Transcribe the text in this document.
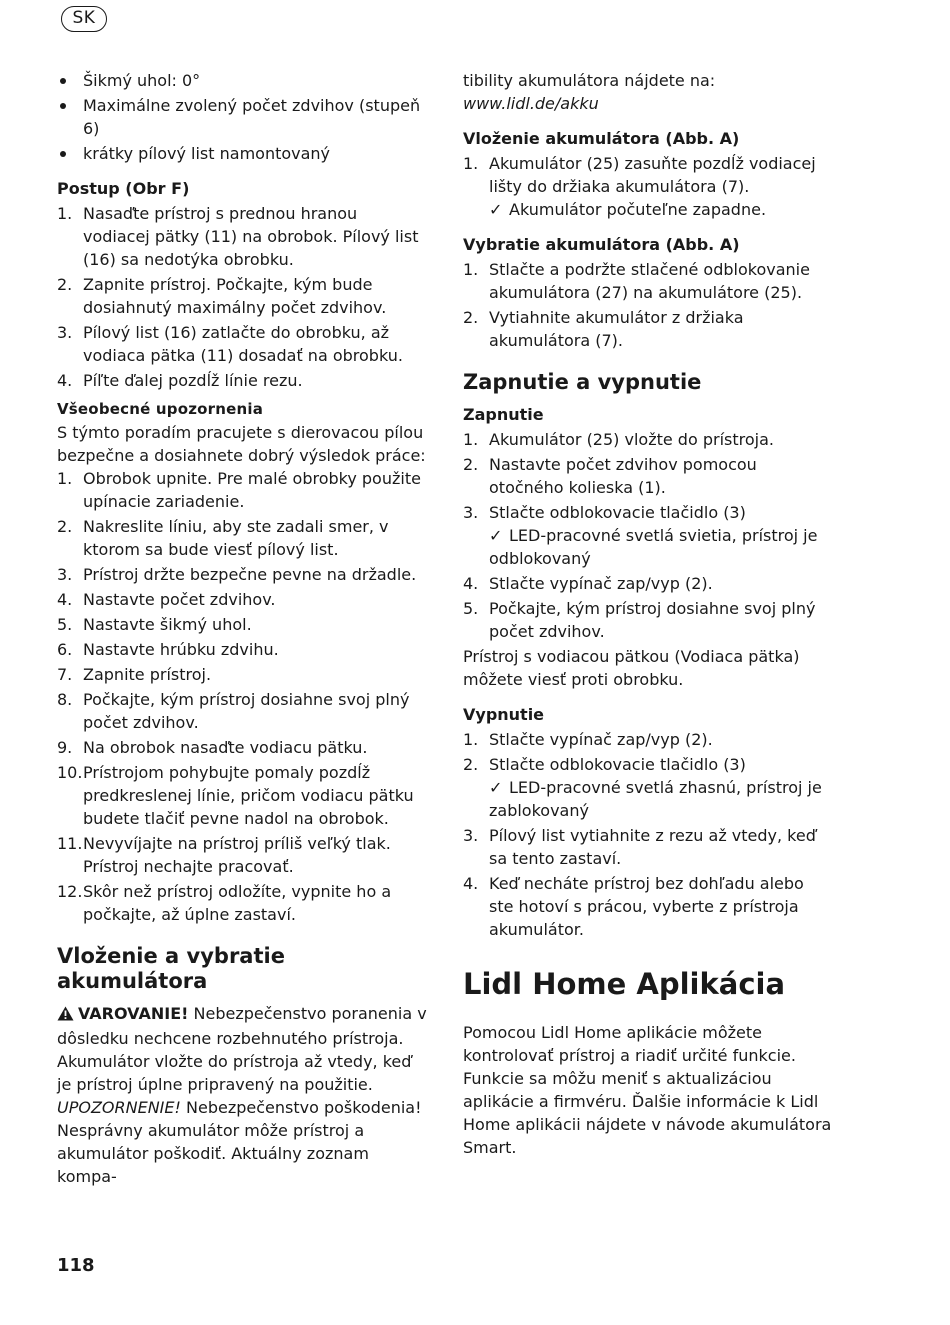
SK
Šikmý uhol: 0°
Maximálne zvolený počet zdvihov (stupeň 6)
krátky pílový list namontovaný
Postup (Obr F)
1. Nasaďte prístroj s prednou hranou vodiacej pätky (11) na obrobok. Pílový list (16) sa nedotýka obrobku.
2. Zapnite prístroj. Počkajte, kým bude dosiahnutý maximálny počet zdvihov.
3. Pílový list (16) zatlačte do obrobku, až vodiaca pätka (11) dosadať na obrobku.
4. Píľte ďalej pozdĺž línie rezu.
Všeobecné upozornenia

S týmto poradím pracujete s dierovacou pílou bezpečne a dosiahnete dobrý výsledok práce:

1. Obrobok upnite. Pre malé obrobky použite upínacie zariadenie.
2. Nakreslite líniu, aby ste zadali smer, v ktorom sa bude viesť pílový list.
3. Prístroj držte bezpečne pevne na držadle.
4. Nastavte počet zdvihov.
5. Nastavte šikmý uhol.
6. Nastavte hrúbku zdvihu.
7. Zapnite prístroj.
8. Počkajte, kým prístroj dosiahne svoj plný počet zdvihov.
9. Na obrobok nasaďte vodiacu pätku.
10. Prístrojom pohybujte pomaly pozdĺž predkreslenej línie, pričom vodiacu pätku budete tlačiť pevne nadol na obrobok.
11. Nevyvíjajte na prístroj príliš veľký tlak. Prístroj nechajte pracovať.
12. Skôr než prístroj odložíte, vypnite ho a počkajte, až úplne zastaví.
Vloženie a vybratie akumulátora

VAROVANIE! Nebezpečenstvo poranenia v dôsledku nechcene rozbehnutého prístroja. Akumulátor vložte do prístroja až vtedy, keď je prístroj úplne pripravený na použitie.

UPOZORNENIE! Nebezpečenstvo poškodenia! Nesprávny akumulátor môže prístroj a akumulátor poškodiť. Aktuálny zoznam kompa-

tibility akumulátora nájdete na: www.lidl.de/akku

Vloženie akumulátora (Abb. A)
1. Akumulátor (25) zasuňte pozdĺž vodiacej lišty do držiaka akumulátora (7).
✓ Akumulátor počuteľne zapadne.
Vybratie akumulátora (Abb. A)
1. Stlačte a podržte stlačené odblokovanie akumulátora (27) na akumulátore (25).
2. Vytiahnite akumulátor z držiaka akumulátora (7).
Zapnutie a vypnutie
Zapnutie
1. Akumulátor (25) vložte do prístroja.
2. Nastavte počet zdvihov pomocou otočného kolieska (1).
3. Stlačte odblokovacie tlačidlo (3)
✓ LED-pracovné svetlá svietia, prístroj je odblokovaný
4. Stlačte vypínač zap/vyp (2).
5. Počkajte, kým prístroj dosiahne svoj plný počet zdvihov.

Prístroj s vodiacou pätkou (Vodiaca pätka) môžete viesť proti obrobku.

Vypnutie
1. Stlačte vypínač zap/vyp (2).
2. Stlačte odblokovacie tlačidlo (3)
✓ LED-pracovné svetlá zhasnú, prístroj je zablokovaný
3. Pílový list vytiahnite z rezu až vtedy, keď sa tento zastaví.
4. Keď necháte prístroj bez dohľadu alebo ste hotoví s prácou, vyberte z prístroja akumulátor.
Lidl Home Aplikácia

Pomocou Lidl Home aplikácie môžete kontrolovať prístroj a riadiť určité funkcie. Funkcie sa môžu meniť s aktualizáciou aplikácie a firmvéru. Ďalšie informácie k Lidl Home aplikácii nájdete v návode akumulátora Smart.

118
